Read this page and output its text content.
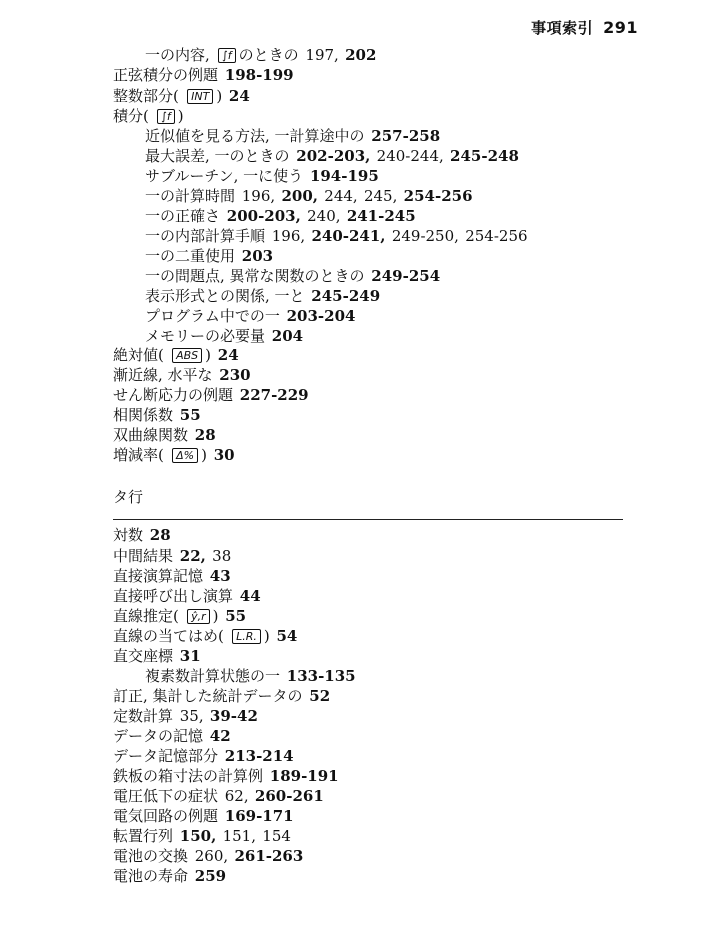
事項索引 291
一の内容, ∫f のときの 197, 202
正弦積分の例題 198-199
整数部分( INT ) 24
積分( ∫f )
近似値を見る方法, 一計算途中の 257-258
最大誤差, 一のときの 202-203, 240-244, 245-248
サブルーチン, 一に使う 194-195
一の計算時間 196, 200, 244, 245, 254-256
一の正確さ 200-203, 240, 241-245
一の内部計算手順 196, 240-241, 249-250, 254-256
一の二重使用 203
一の問題点, 異常な関数のときの 249-254
表示形式との関係, 一と 245-249
プログラム中での一 203-204
メモリーの必要量 204
絶対値( ABS ) 24
漸近線, 水平な 230
せん断応力の例題 227-229
相関係数 55
双曲線関数 28
増減率( Δ% ) 30
対数 28
中間結果 22, 38
直接演算記憶 43
直接呼び出し演算 44
直線推定( ŷ,r ) 55
直線の当てはめ( L.R. ) 54
直交座標 31
複素数計算状態の一 133-135
訂正, 集計した統計データの 52
定数計算 35, 39-42
データの記憶 42
データ記憶部分 213-214
鉄板の箱寸法の計算例 189-191
電圧低下の症状 62, 260-261
電気回路の例題 169-171
転置行列 150, 151, 154
電池の交換 260, 261-263
電池の寿命 259
タ行
